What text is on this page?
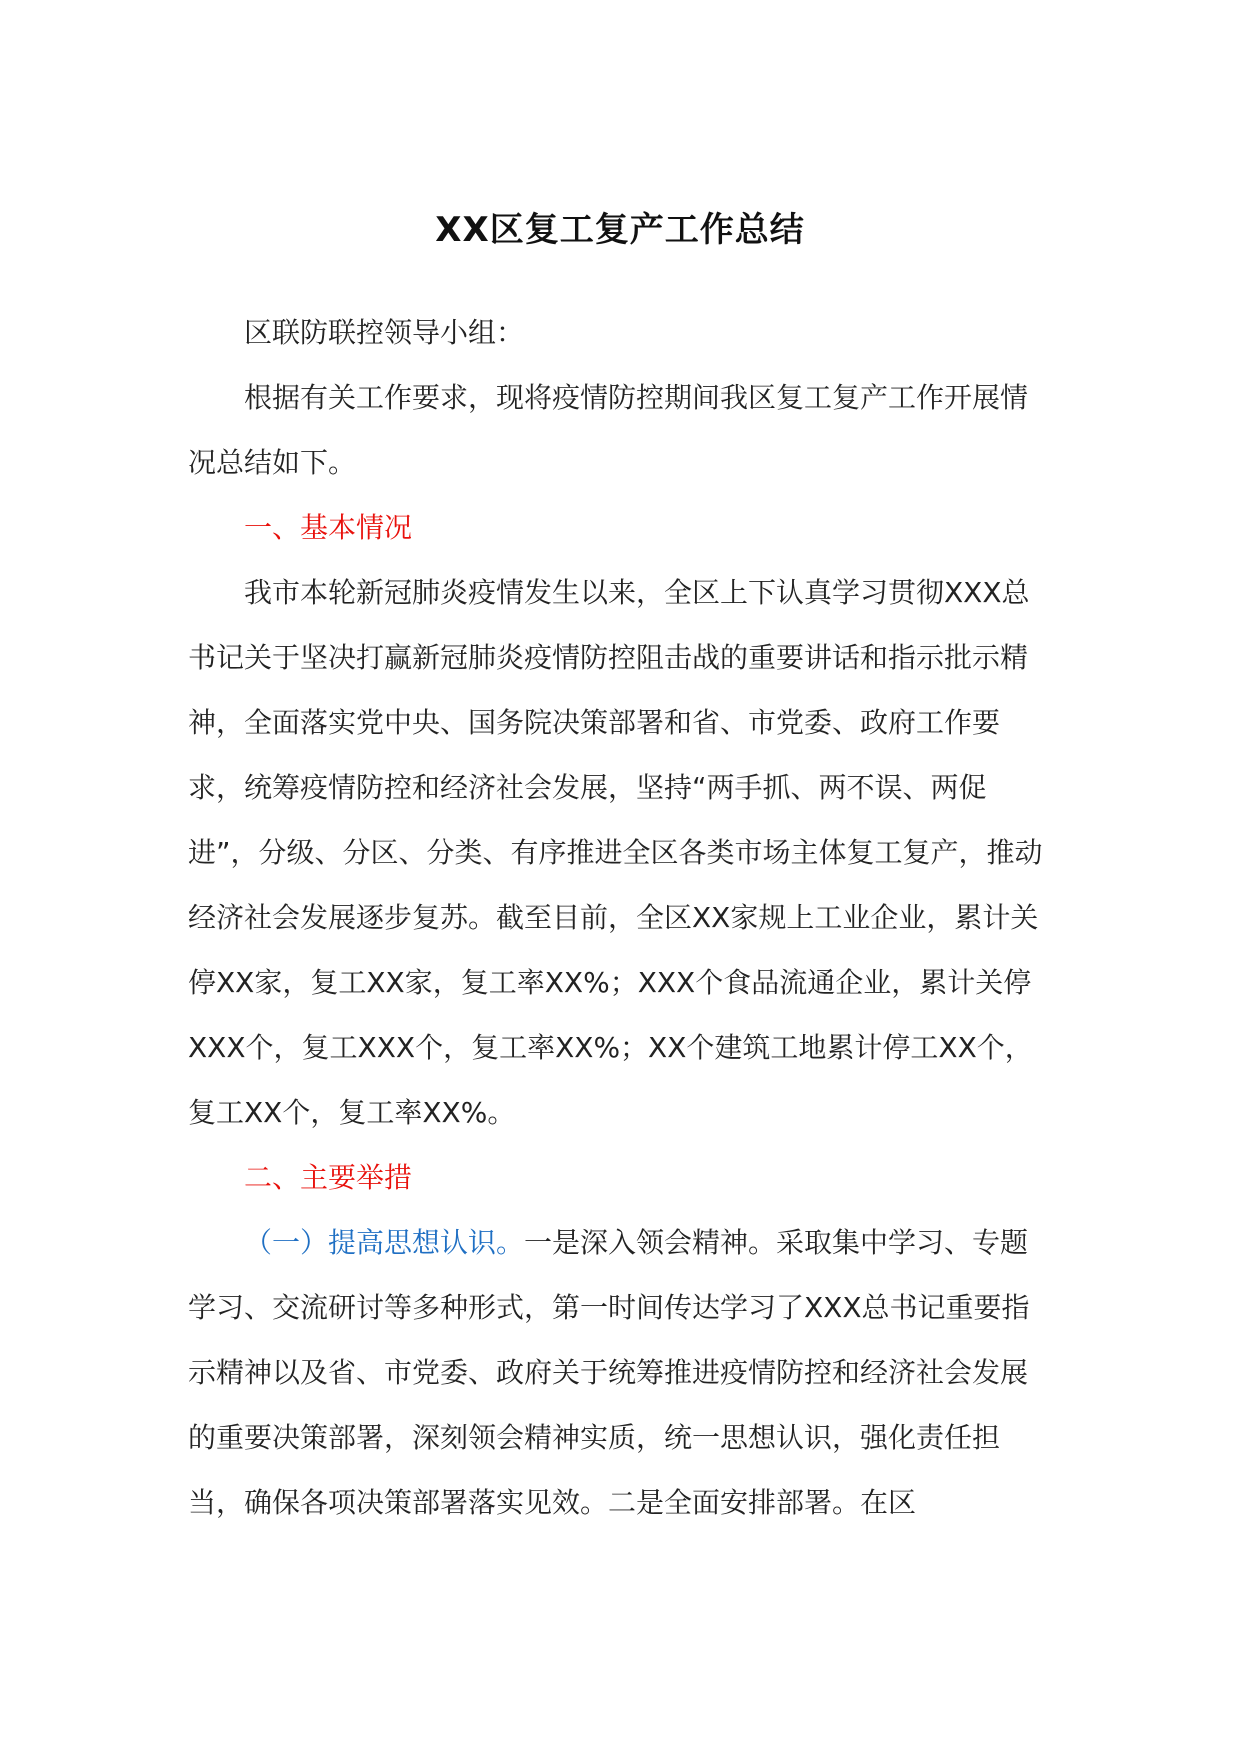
XX区复工复产工作总结

区联防联控领导小组：

根据有关工作要求，现将疫情防控期间我区复工复产工作开展情况总结如下。

一、基本情况

我市本轮新冠肺炎疫情发生以来，全区上下认真学习贯彻XXX总书记关于坚决打赢新冠肺炎疫情防控阻击战的重要讲话和指示批示精神，全面落实党中央、国务院决策部署和省、市党委、政府工作要求，统筹疫情防控和经济社会发展，坚持“两手抓、两不误、两促进”，分级、分区、分类、有序推进全区各类市场主体复工复产，推动经济社会发展逐步复苏。截至目前，全区XX家规上工业企业，累计关停XX家，复工XX家，复工率XX%；XXX个食品流通企业，累计关停XXX个，复工XXX个，复工率XX%；XX个建筑工地累计停工XX个，复工XX个，复工率XX%。

二、主要举措

（一）提高思想认识。一是深入领会精神。采取集中学习、专题学习、交流研讨等多种形式，第一时间传达学习了XXX总书记重要指示精神以及省、市党委、政府关于统筹推进疫情防控和经济社会发展的重要决策部署，深刻领会精神实质，统一思想认识，强化责任担当，确保各项决策部署落实见效。二是全面安排部署。在区
